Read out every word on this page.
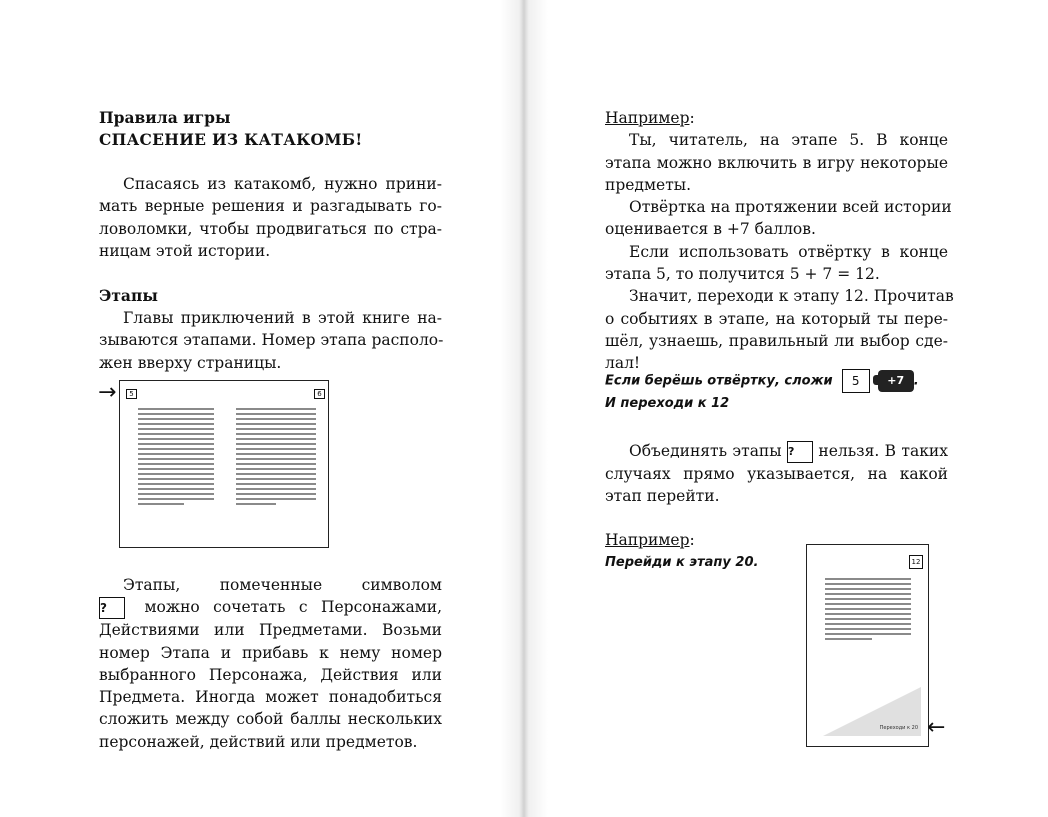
Правила игры
СПАСЕНИЕ ИЗ КАТАКОМБ!
Спасаясь из катакомб, нужно прини-
мать верные решения и разгадывать го-
ловоломки, чтобы продвигаться по стра-
ницам этой истории.
Этапы
Главы приключений в этой книге на-
зываются этапами. Номер этапа располо-
жен вверху страницы.
→	5	6
Этапы,	помеченные	символом
? можно сочетать с Персонажами,
Действиями или Предметами. Возьми
номер Этапа и прибавь к нему номер
выбранного Персонажа, Действия или
Предмета. Иногда может понадобиться
сложить между собой баллы нескольких
персонажей, действий или предметов.
Например:
Ты, читатель, на этапе 5. В конце
этапа можно включить в игру некоторые
предметы.
Отвёртка на протяжении всей истории
оценивается в +7 баллов.
Если использовать отвёртку в конце
этапа 5, то получится 5 + 7 = 12.
Значит, переходи к этапу 12. Прочитав
о событиях в этапе, на который ты пере-
шёл, узнаешь, правильный ли выбор сде-
лал!
Если берёшь отвёртку, сложи 5	+7 .
И переходи к 12
Объединять этапы ? нельзя. В таких
случаях прямо указывается, на какой
этап перейти.
Например:
Перейди к этапу 20.	12
Переходи к 20 ←
